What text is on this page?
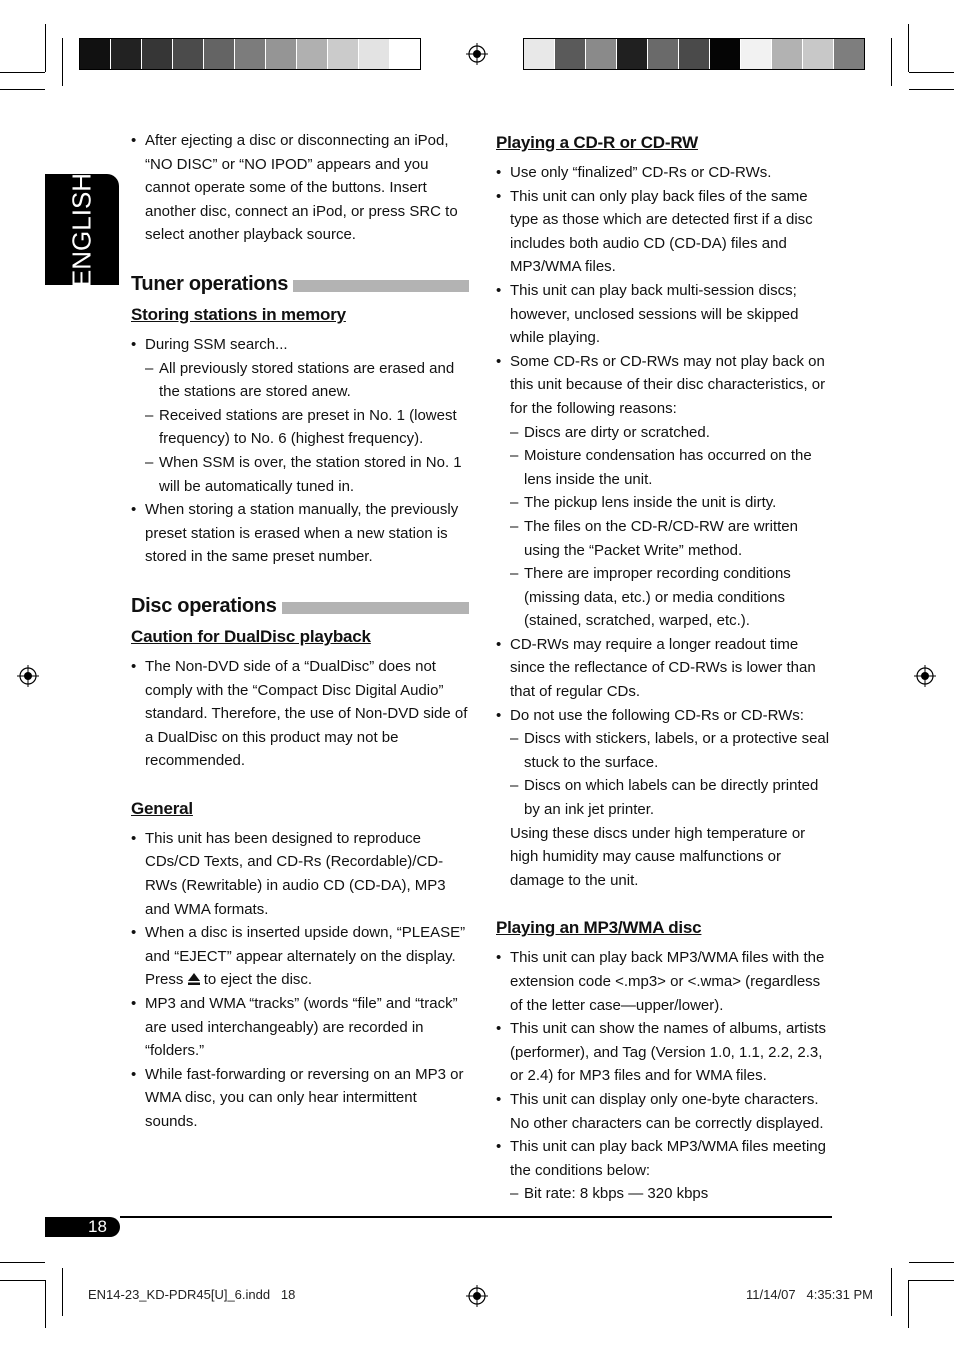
ENGLISH

• After ejecting a disc or disconnecting an iPod, “NO DISC” or “NO IPOD” appears and you cannot operate some of the buttons. Insert another disc, connect an iPod, or press SRC to select another playback source.

Tuner operations

Storing stations in memory

• During SSM search...

– All previously stored stations are erased and the stations are stored anew.

– Received stations are preset in No. 1 (lowest frequency) to No. 6 (highest frequency).

– When SSM is over, the station stored in No. 1 will be automatically tuned in.

• When storing a station manually, the previously preset station is erased when a new station is stored in the same preset number.

Disc operations

Caution for DualDisc playback

• The Non-DVD side of a “DualDisc” does not comply with the “Compact Disc Digital Audio” standard. Therefore, the use of Non-DVD side of a DualDisc on this product may not be recommended.

General

• This unit has been designed to reproduce CDs/CD Texts, and CD-Rs (Recordable)/CD-RWs (Rewritable) in audio CD (CD-DA), MP3 and WMA formats.

• When a disc is inserted upside down, “PLEASE” and “EJECT” appear alternately on the display. Press to eject the disc.

• MP3 and WMA “tracks” (words “file” and “track” are used interchangeably) are recorded in “folders.”

• While fast-forwarding or reversing on an MP3 or WMA disc, you can only hear intermittent sounds.

Playing a CD-R or CD-RW

• Use only “finalized” CD-Rs or CD-RWs.

• This unit can only play back files of the same type as those which are detected first if a disc includes both audio CD (CD-DA) files and MP3/WMA files.

• This unit can play back multi-session discs; however, unclosed sessions will be skipped while playing.

• Some CD-Rs or CD-RWs may not play back on this unit because of their disc characteristics, or for the following reasons:

– Discs are dirty or scratched.

– Moisture condensation has occurred on the lens inside the unit.

– The pickup lens inside the unit is dirty.

– The files on the CD-R/CD-RW are written using the “Packet Write” method.

– There are improper recording conditions (missing data, etc.) or media conditions (stained, scratched, warped, etc.).

• CD-RWs may require a longer readout time since the reflectance of CD-RWs is lower than that of regular CDs.

• Do not use the following CD-Rs or CD-RWs:

– Discs with stickers, labels, or a protective seal stuck to the surface.

– Discs on which labels can be directly printed by an ink jet printer.

Using these discs under high temperature or high humidity may cause malfunctions or damage to the unit.

Playing an MP3/WMA disc

• This unit can play back MP3/WMA files with the extension code <.mp3> or <.wma> (regardless of the letter case—upper/lower).

• This unit can show the names of albums, artists (performer), and Tag (Version 1.0, 1.1, 2.2, 2.3, or 2.4) for MP3 files and for WMA files.

• This unit can display only one-byte characters. No other characters can be correctly displayed.

• This unit can play back MP3/WMA files meeting the conditions below:

– Bit rate: 8 kbps — 320 kbps

18
EN14-23_KD-PDR45[U]_6.indd   18	11/14/07   4:35:31 PM
